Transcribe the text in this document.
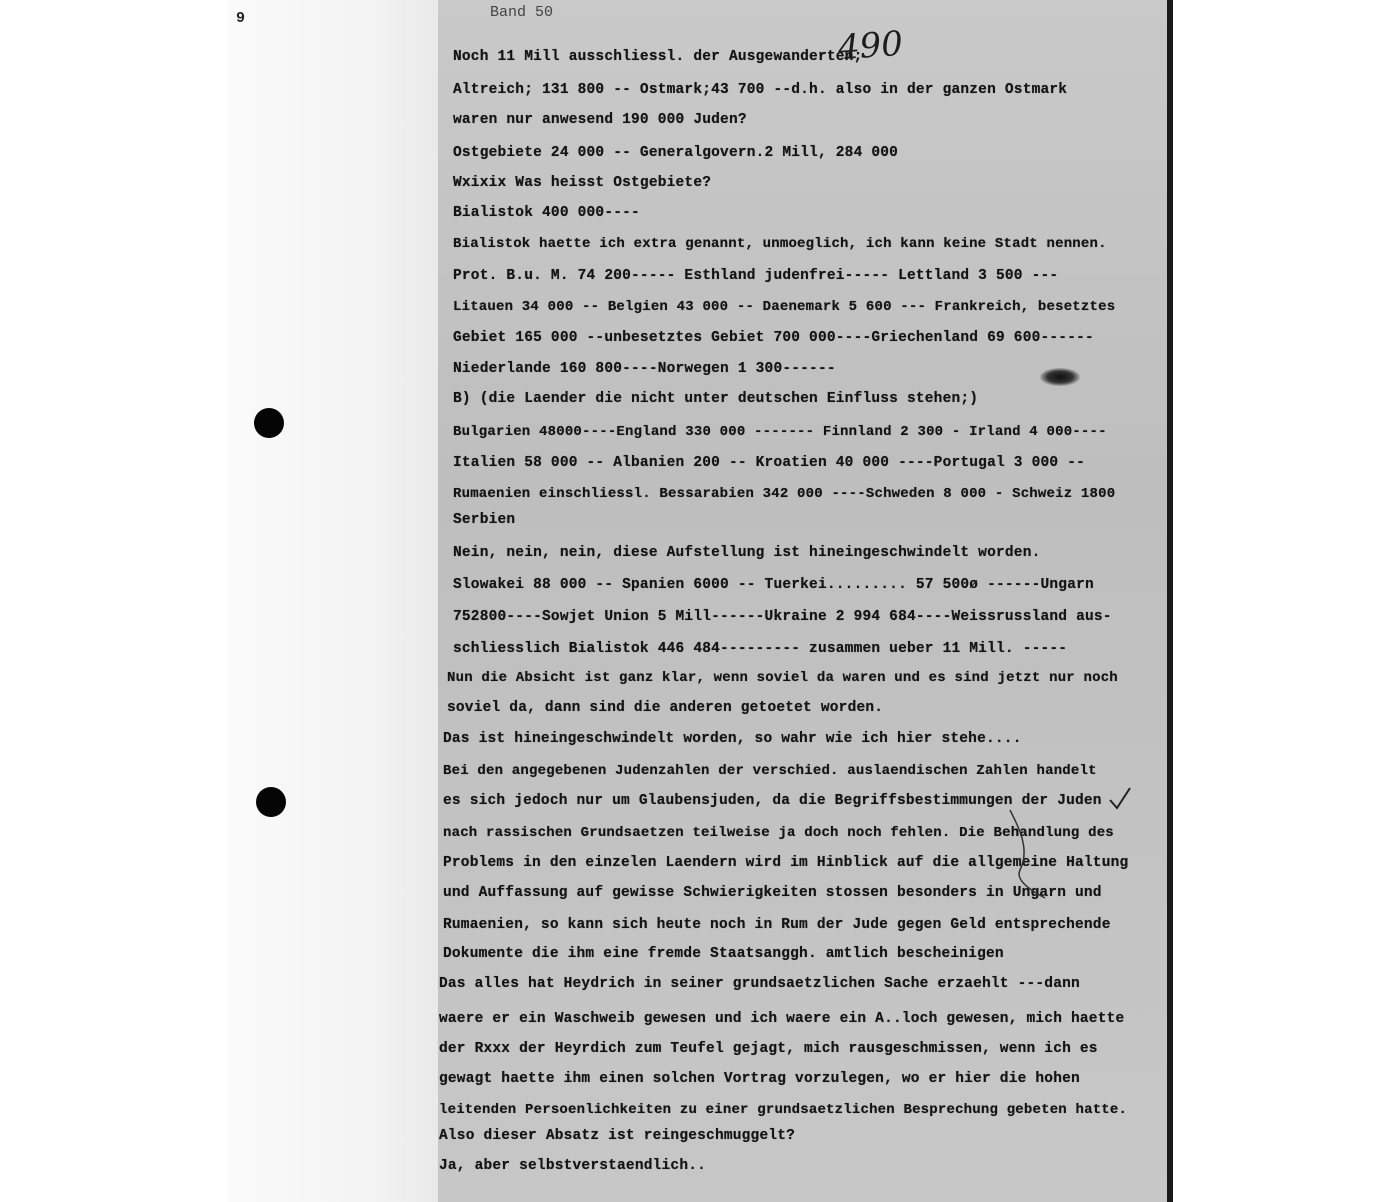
9	Band 50
490
Noch 11 Mill ausschliessl. der Ausgewanderten;
Altreich; 131 800 -- Ostmark;43 700 --d.h. also in der ganzen Ostmark
waren nur anwesend 190 000 Juden?
Ostgebiete 24 000 -- Generalgovern.2 Mill, 284 000
Wxixix Was heisst Ostgebiete?
Bialistok 400 000----
Bialistok haette ich extra genannt, unmoeglich, ich kann keine Stadt nennen.
Prot. B.u. M. 74 200----- Esthland judenfrei----- Lettland 3 500 ---
Litauen 34 000 -- Belgien 43 000 -- Daenemark 5 600 --- Frankreich, besetztes
Gebiet 165 000 --unbesetztes Gebiet 700 000----Griechenland 69 600------
Niederlande 160 800----Norwegen 1 300------
B) (die Laender die nicht unter deutschen Einfluss stehen;)
Bulgarien 48000----England 330 000 ------- Finnland 2 300 - Irland 4 000----
Italien 58 000 -- Albanien 200 -- Kroatien 40 000 ----Portugal 3 000 --
Rumaenien einschliessl. Bessarabien 342 000 ----Schweden 8 000 - Schweiz 1800
Serbien
Nein, nein, nein, diese Aufstellung ist hineingeschwindelt worden.
Slowakei 88 000 -- Spanien 6000 -- Tuerkei......... 57 500ø ------Ungarn
752800----Sowjet Union 5 Mill------Ukraine 2 994 684----Weissrussland aus-
schliesslich Bialistok 446 484--------- zusammen ueber 11 Mill. -----
Nun die Absicht ist ganz klar, wenn soviel da waren und es sind jetzt nur noch
soviel da, dann sind die anderen getoetet worden.
Das ist hineingeschwindelt worden, so wahr wie ich hier stehe....
Bei den angegebenen Judenzahlen der verschied. auslaendischen Zahlen handelt
es sich jedoch nur um Glaubensjuden, da die Begriffsbestimmungen der Juden
nach rassischen Grundsaetzen teilweise ja doch noch fehlen. Die Behandlung des
Problems in den einzelen Laendern wird im Hinblick auf die allgemeine Haltung
und Auffassung auf gewisse Schwierigkeiten stossen besonders in Ungarn und
Rumaenien, so kann sich heute noch in Rum der Jude gegen Geld entsprechende
Dokumente die ihm eine fremde Staatsanggh. amtlich bescheinigen
Das alles hat Heydrich in seiner grundsaetzlichen Sache erzaehlt ---dann
waere er ein Waschweib gewesen und ich waere ein A..loch gewesen, mich haette
der Rxxx der Heyrdich zum Teufel gejagt, mich rausgeschmissen, wenn ich es
gewagt haette ihm einen solchen Vortrag vorzulegen, wo er hier die hohen
leitenden Persoenlichkeiten zu einer grundsaetzlichen Besprechung gebeten hatte.
Also dieser Absatz ist reingeschmuggelt?
Ja, aber selbstverstaendlich..
